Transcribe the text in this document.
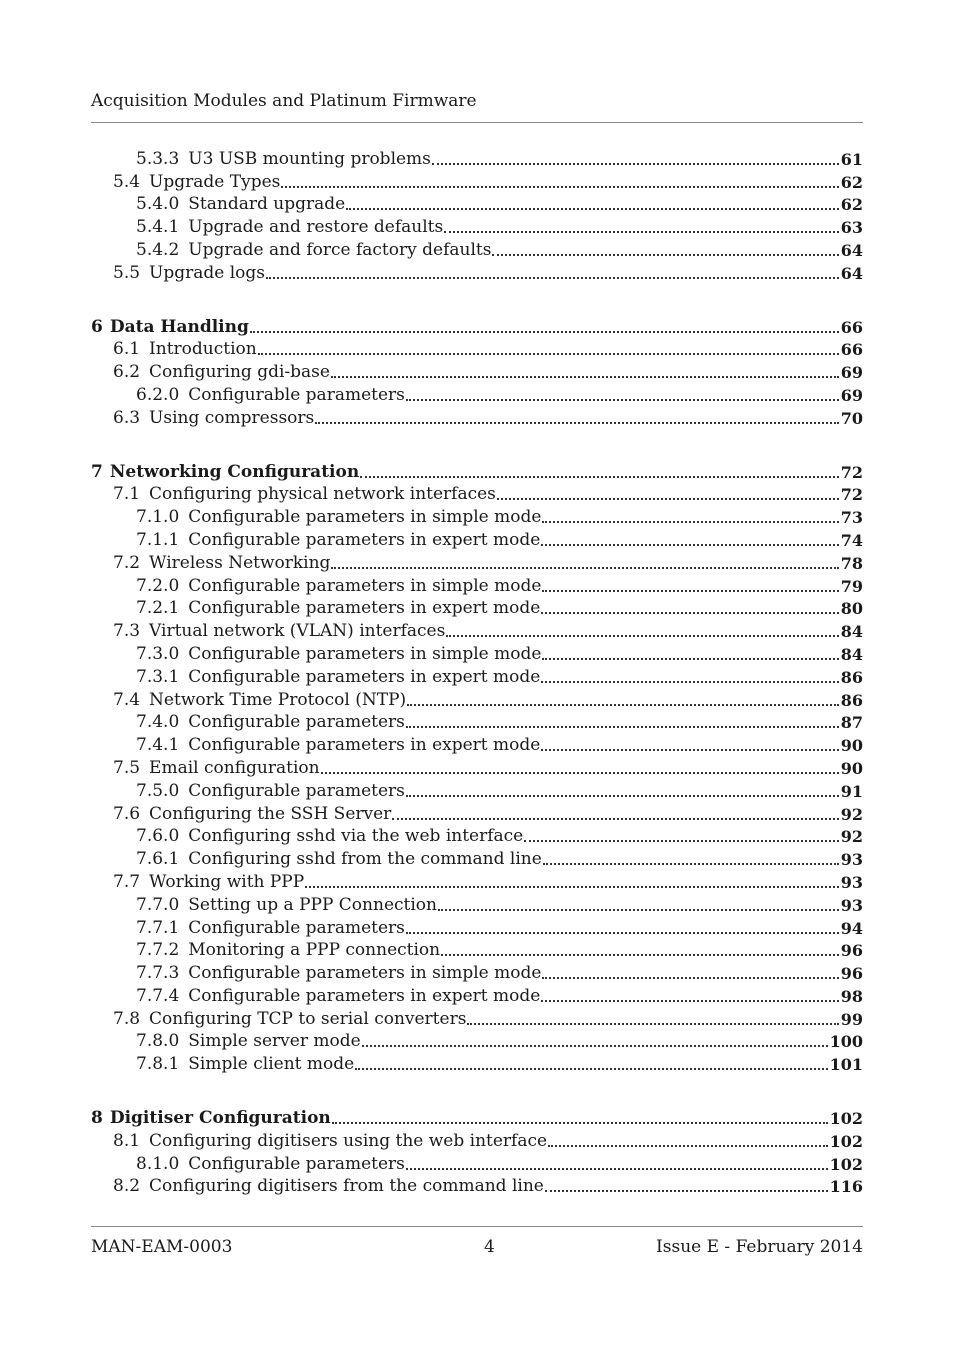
Acquisition Modules and Platinum Firmware
5.3.3 U3 USB mounting problems	61
5.4 Upgrade Types	62
5.4.0 Standard upgrade	62
5.4.1 Upgrade and restore defaults	63
5.4.2 Upgrade and force factory defaults	64
5.5 Upgrade logs	64
6 Data Handling	66
6.1 Introduction	66
6.2 Configuring gdi-base	69
6.2.0 Configurable parameters	69
6.3 Using compressors	70
7 Networking Configuration	72
7.1 Configuring physical network interfaces	72
7.1.0 Configurable parameters in simple mode	73
7.1.1 Configurable parameters in expert mode	74
7.2 Wireless Networking	78
7.2.0 Configurable parameters in simple mode	79
7.2.1 Configurable parameters in expert mode	80
7.3 Virtual network (VLAN) interfaces	84
7.3.0 Configurable parameters in simple mode	84
7.3.1 Configurable parameters in expert mode	86
7.4 Network Time Protocol (NTP)	86
7.4.0 Configurable parameters	87
7.4.1 Configurable parameters in expert mode	90
7.5 Email configuration	90
7.5.0 Configurable parameters	91
7.6 Configuring the SSH Server	92
7.6.0 Configuring sshd via the web interface	92
7.6.1 Configuring sshd from the command line	93
7.7 Working with PPP	93
7.7.0 Setting up a PPP Connection	93
7.7.1 Configurable parameters	94
7.7.2 Monitoring a PPP connection	96
7.7.3 Configurable parameters in simple mode	96
7.7.4 Configurable parameters in expert mode	98
7.8 Configuring TCP to serial converters	99
7.8.0 Simple server mode	100
7.8.1 Simple client mode	101
8 Digitiser Configuration	102
8.1 Configuring digitisers using the web interface	102
8.1.0 Configurable parameters	102
8.2 Configuring digitisers from the command line	116
MAN-EAM-0003	4	Issue E - February 2014
